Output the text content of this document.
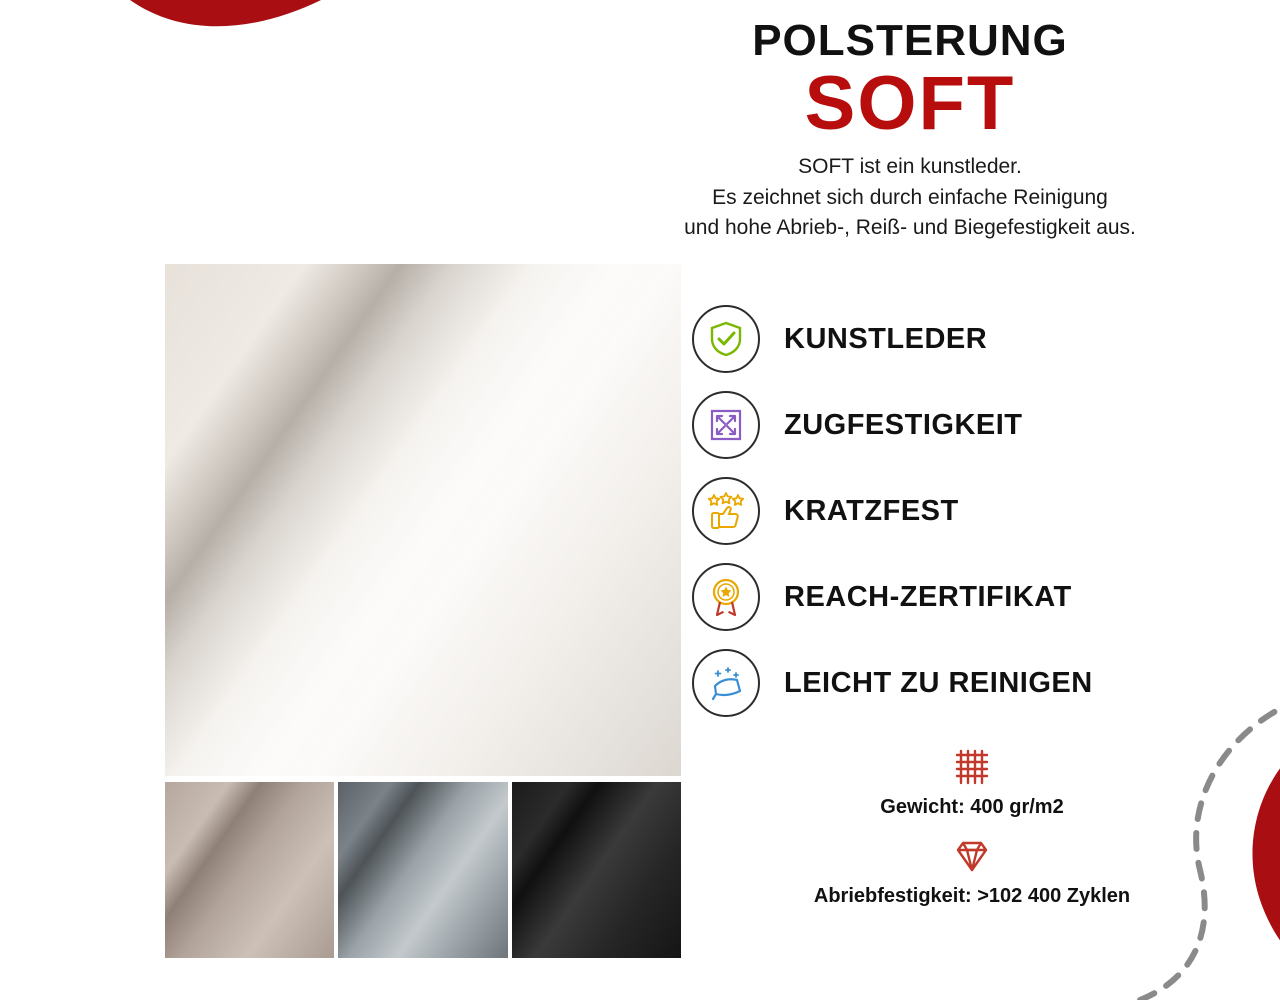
POLSTERUNG
SOFT
SOFT ist ein kunstleder.
Es zeichnet sich durch einfache Reinigung
und hohe Abrieb-, Reiß- und Biegefestigkeit aus.
KUNSTLEDER
ZUGFESTIGKEIT
KRATZFEST
REACH-ZERTIFIKAT
LEICHT ZU REINIGEN
Gewicht: 400 gr/m2
Abriebfestigkeit: >102 400 Zyklen
